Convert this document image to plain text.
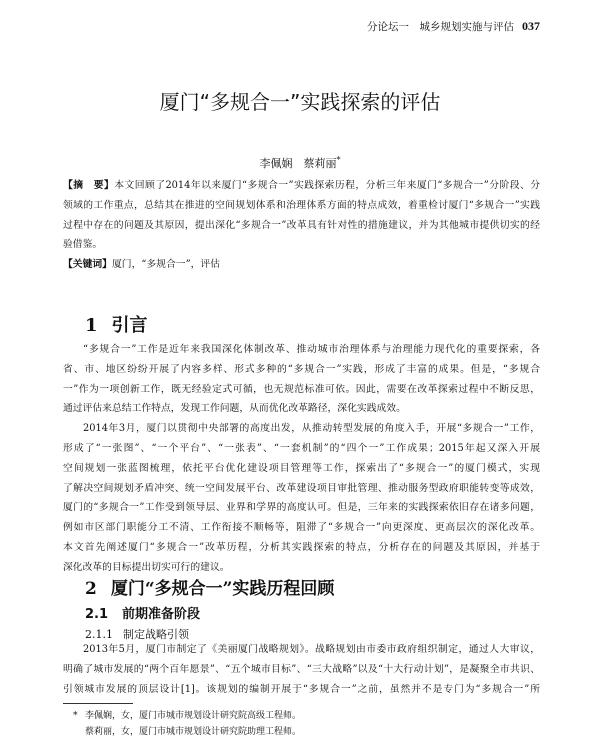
分论坛一　城乡规划实施与评估 037
厦门“多规合一”实践探索的评估
李佩娴　蔡莉丽*
【摘　要】本文回顾了2014年以来厦门“多规合一”实践探索历程，分析三年来厦门“多规合一”分阶段、分
领域的工作重点，总结其在推进的空间规划体系和治理体系方面的特点成效，着重检讨厦门“多规合一”实践
过程中存在的问题及其原因，提出深化“多规合一”改革具有针对性的措施建议，并为其他城市提供切实的经
验借鉴。
【关键词】厦门，“多规合一”，评估
1 引言
“多规合一”工作是近年来我国深化体制改革、推动城市治理体系与治理能力现代化的重要探索，各
省、市、地区纷纷开展了内容多样、形式多种的“多规合一”实践，形成了丰富的成果。但是，“多规合
一”作为一项创新工作，既无经验定式可循，也无规范标准可依。因此，需要在改革探索过程中不断反思，
通过评估来总结工作特点，发现工作问题，从而优化改革路径，深化实践成效。
2014年3月，厦门以贯彻中央部署的高度出发，从推动转型发展的角度入手，开展“多规合一”工作，
形成了“一张图”、“一个平台”、“一张表”、“一套机制”的“四个一”工作成果；2015年起又深入开展
空间规划一张蓝图梳理，依托平台优化建设项目管理等工作，探索出了“多规合一”的厦门模式，实现
了解决空间规划矛盾冲突、统一空间发展平台、改革建设项目审批管理、推动服务型政府职能转变等成效，
厦门的“多规合一”工作受到领导层、业界和学界的高度认可。但是，三年来的实践探索依旧存在诸多问题，
例如市区部门职能分工不清、工作衔接不顺畅等，阻滞了“多规合一”向更深度、更高层次的深化改革。
本文首先阐述厦门“多规合一”改革历程，分析其实践探索的特点，分析存在的问题及其原因，并基于
深化改革的目标提出切实可行的建议。
2 厦门“多规合一”实践历程回顾
2.1 前期准备阶段
2.1.1 制定战略引领
2013年5月，厦门市制定了《美丽厦门战略规划》。战略规划由市委市政府组织制定，通过人大审议，
明确了城市发展的“两个百年愿景”、“五个城市目标”、“三大战略”以及“十大行动计划”，是凝聚全市共识、
引领城市发展的顶层设计[1]。该规划的编制开展于“多规合一”之前，虽然并不是专门为“多规合一”所
* 李佩娴，女，厦门市城市规划设计研究院高级工程师。
蔡莉丽，女，厦门市城市规划设计研究院助理工程师。
